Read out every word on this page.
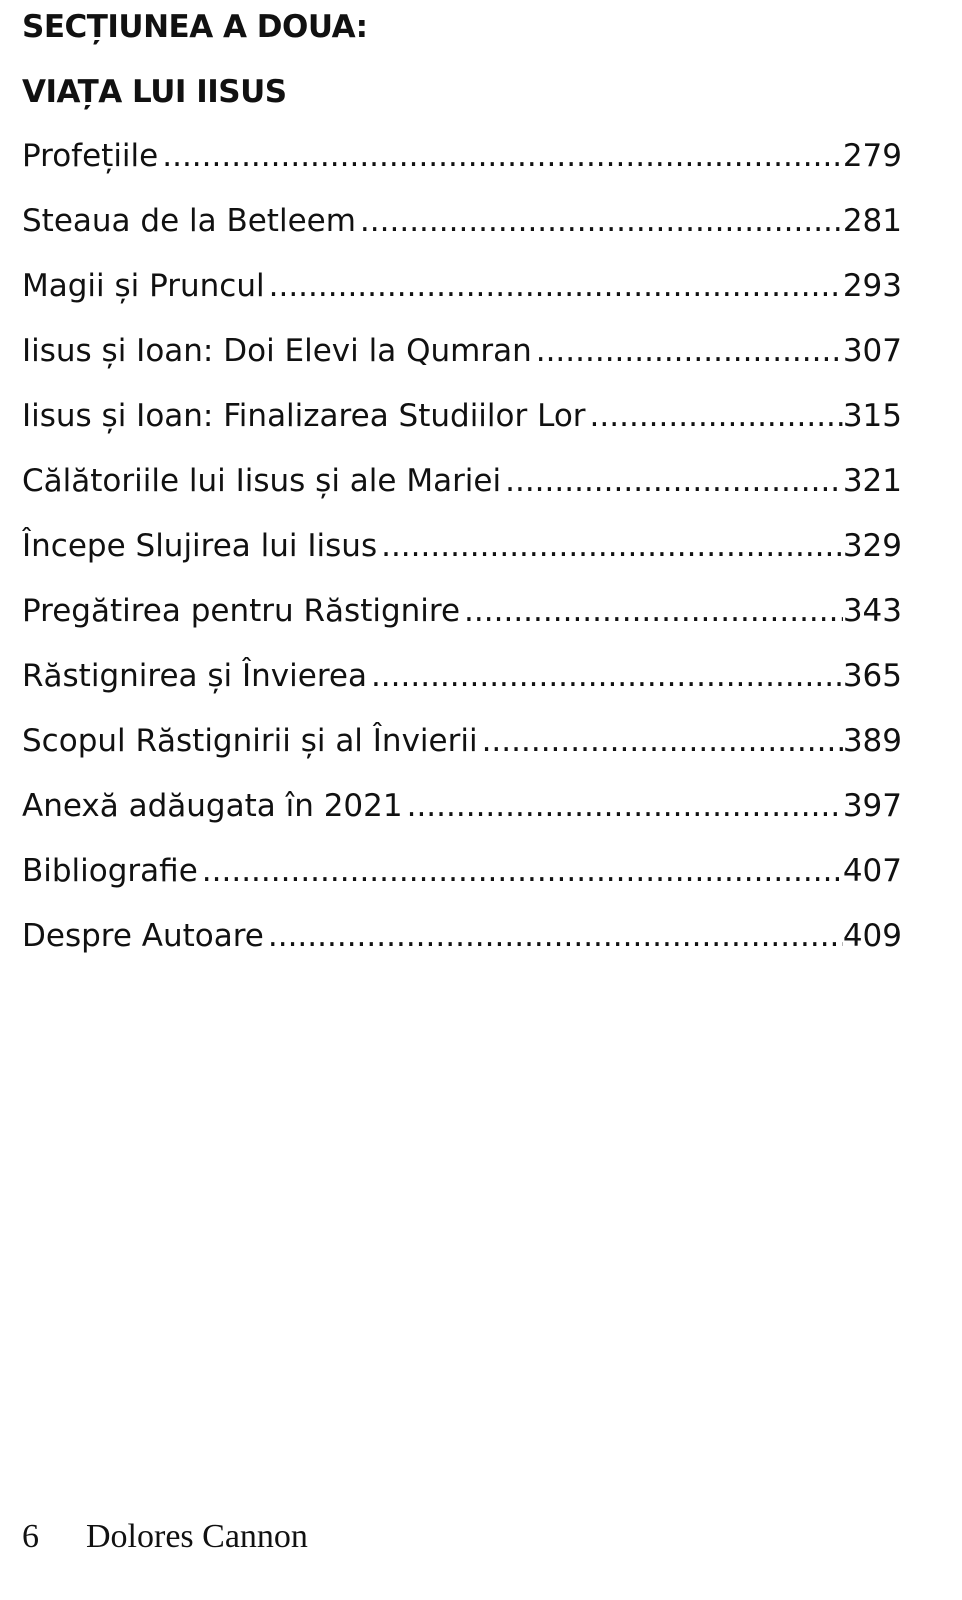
SECȚIUNEA A DOUA:
VIAȚA LUI IISUS
Profețiile .....	279
Steaua de la Betleem .....	281
Magii și Pruncul .....	293
Iisus și Ioan: Doi Elevi la Qumran .....	307
Iisus și Ioan: Finalizarea Studiilor Lor .....	315
Călătoriile lui Iisus și ale Mariei .....	321
Începe Slujirea lui Iisus .....	329
Pregătirea pentru Răstignire .....	343
Răstignirea și Învierea .....	365
Scopul Răstignirii și al Învierii .....	389
Anexă adăugata în 2021 .....	397
Bibliografie .....	407
Despre Autoare .....	409
6 Dolores Cannon
